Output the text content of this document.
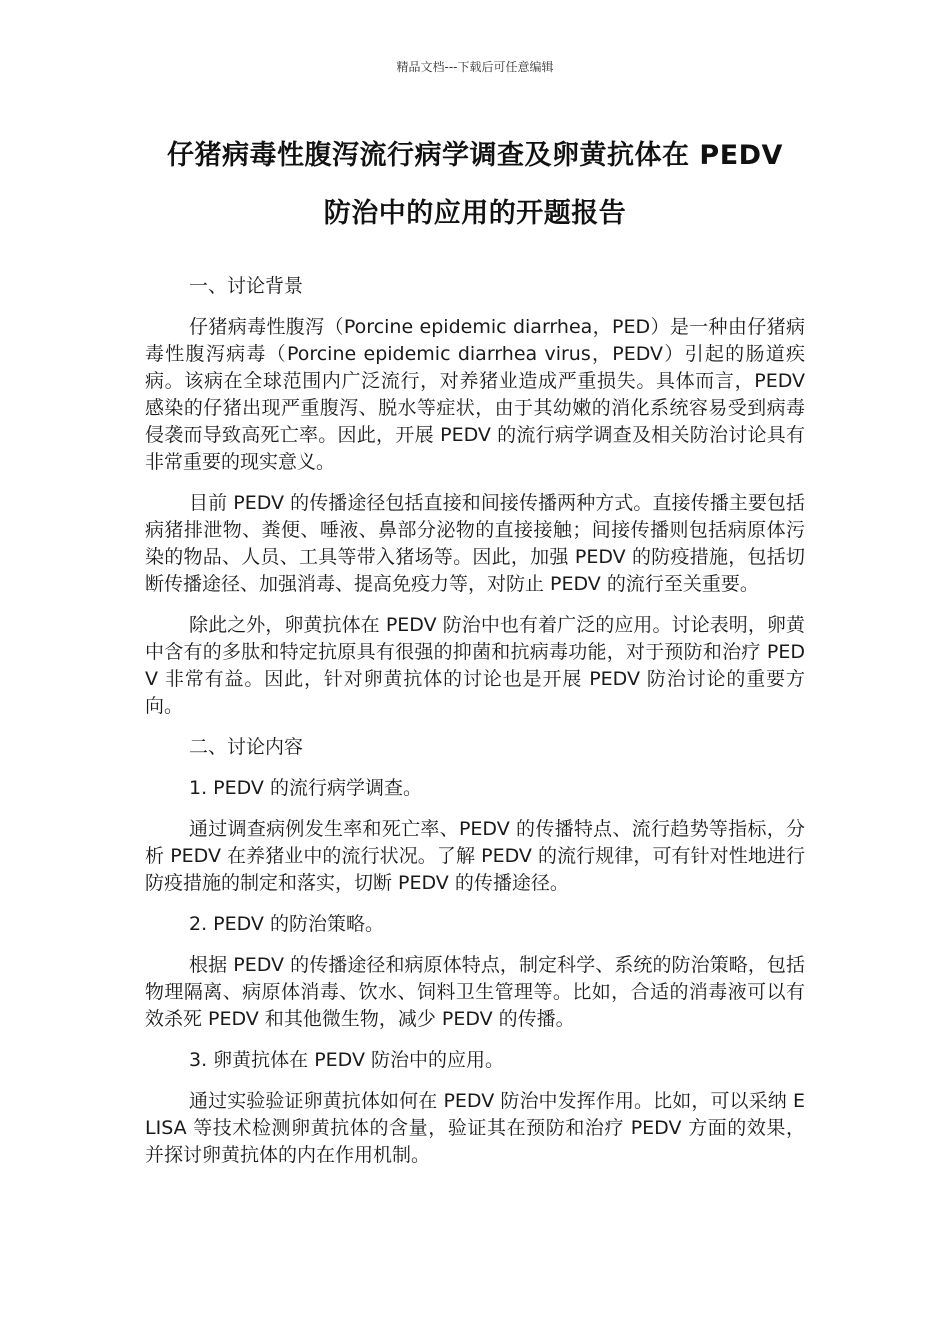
精品文档---下载后可任意编辑
仔猪病毒性腹泻流行病学调查及卵黄抗体在 PEDV
防治中的应用的开题报告

一、讨论背景

仔猪病毒性腹泻（Porcine epidemic diarrhea，PED）是一种由仔猪病毒性腹泻病毒（Porcine epidemic diarrhea virus，PEDV）引起的肠道疾病。该病在全球范围内广泛流行，对养猪业造成严重损失。具体而言，PEDV 感染的仔猪出现严重腹泻、脱水等症状，由于其幼嫩的消化系统容易受到病毒侵袭而导致高死亡率。因此，开展 PEDV 的流行病学调查及相关防治讨论具有非常重要的现实意义。

目前 PEDV 的传播途径包括直接和间接传播两种方式。直接传播主要包括病猪排泄物、粪便、唾液、鼻部分泌物的直接接触；间接传播则包括病原体污染的物品、人员、工具等带入猪场等。因此，加强 PEDV 的防疫措施，包括切断传播途径、加强消毒、提高免疫力等，对防止 PEDV 的流行至关重要。

除此之外，卵黄抗体在 PEDV 防治中也有着广泛的应用。讨论表明，卵黄中含有的多肽和特定抗原具有很强的抑菌和抗病毒功能，对于预防和治疗 PEDV 非常有益。因此，针对卵黄抗体的讨论也是开展 PEDV 防治讨论的重要方向。

二、讨论内容

1. PEDV 的流行病学调查。

通过调查病例发生率和死亡率、PEDV 的传播特点、流行趋势等指标，分析 PEDV 在养猪业中的流行状况。了解 PEDV 的流行规律，可有针对性地进行防疫措施的制定和落实，切断 PEDV 的传播途径。

2. PEDV 的防治策略。

根据 PEDV 的传播途径和病原体特点，制定科学、系统的防治策略，包括物理隔离、病原体消毒、饮水、饲料卫生管理等。比如，合适的消毒液可以有效杀死 PEDV 和其他微生物，减少 PEDV 的传播。

3. 卵黄抗体在 PEDV 防治中的应用。

通过实验验证卵黄抗体如何在 PEDV 防治中发挥作用。比如，可以采纳 ELISA 等技术检测卵黄抗体的含量，验证其在预防和治疗 PEDV 方面的效果，并探讨卵黄抗体的内在作用机制。
